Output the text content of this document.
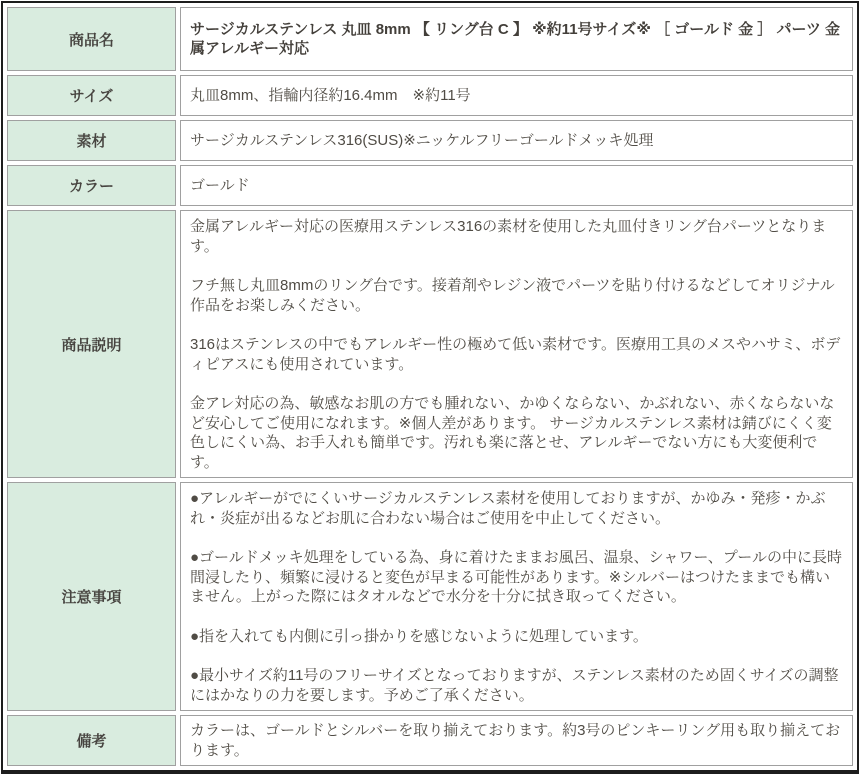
商品名	サージカルステンレス 丸皿 8mm 【 リング台 C 】 ※約11号サイズ※ ［ ゴールド 金 ］ パーツ 金属アレルギー対応
サイズ	丸皿8mm、指輪内径約16.4mm　※約11号
素材	サージカルステンレス316(SUS)※ニッケルフリーゴールドメッキ処理
カラー	ゴールド
商品説明	金属アレルギー対応の医療用ステンレス316の素材を使用した丸皿付きリング台パーツとなります。

フチ無し丸皿8mmのリング台です。接着剤やレジン液でパーツを貼り付けるなどしてオリジナル作品をお楽しみください。

316はステンレスの中でもアレルギー性の極めて低い素材です。医療用工具のメスやハサミ、ボディピアスにも使用されています。

金アレ対応の為、敏感なお肌の方でも腫れない、かゆくならない、かぶれない、赤くならないなど安心してご使用になれます。※個人差があります。 サージカルステンレス素材は錆びにくく変色しにくい為、お手入れも簡単です。汚れも楽に落とせ、アレルギーでない方にも大変便利です。

注意事項	●アレルギーがでにくいサージカルステンレス素材を使用しておりますが、かゆみ・発疹・かぶれ・炎症が出るなどお肌に合わない場合はご使用を中止してください。

●ゴールドメッキ処理をしている為、身に着けたままお風呂、温泉、シャワー、プールの中に長時間浸したり、頻繁に浸けると変色が早まる可能性があります。※シルバーはつけたままでも構いません。上がった際にはタオルなどで水分を十分に拭き取ってください。

●指を入れても内側に引っ掛かりを感じないように処理しています。

●最小サイズ約11号のフリーサイズとなっておりますが、ステンレス素材のため固くサイズの調整にはかなりの力を要します。予めご了承ください。

備考	カラーは、ゴールドとシルバーを取り揃えております。約3号のピンキーリング用も取り揃えております。
